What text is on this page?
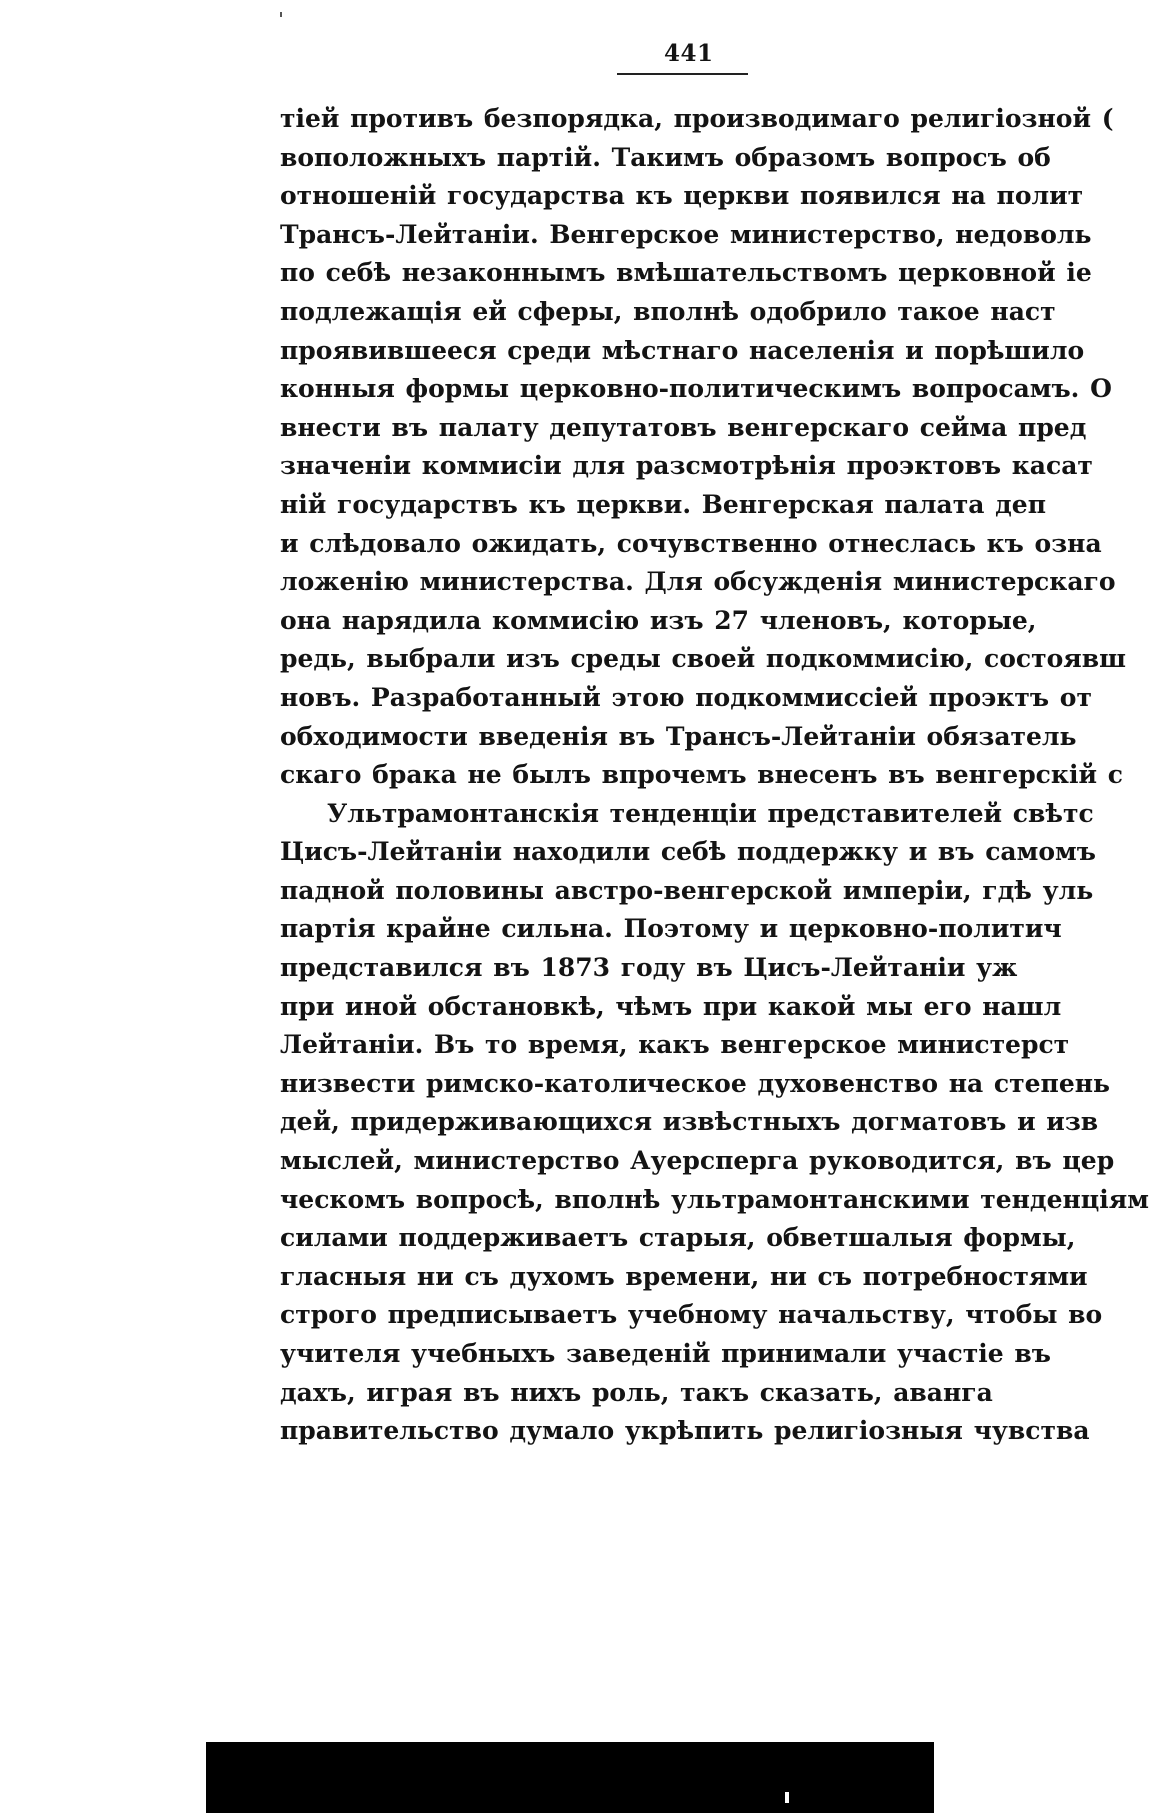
441
тіей противъ безпорядка, производимаго религіозной (
воположныхъ партій. Такимъ образомъ вопросъ об
отношеній государства къ церкви появился на полит
Трансъ-Лейтаніи. Венгерское министерство, недоволь
по себѣ незаконнымъ вмѣшательствомъ церковной іе
подлежащія ей сферы, вполнѣ одобрило такое наст
проявившееся среди мѣстнаго населенія и порѣшило
конныя формы церковно-политическимъ вопросамъ. О
внести въ палату депутатовъ венгерскаго сейма пред
значеніи коммисіи для разсмотрѣнія проэктовъ касат
ній государствъ къ церкви. Венгерская палата деп
и слѣдовало ожидать, сочувственно отнеслась къ озна
ложенію министерства. Для обсужденія министерскаго
она нарядила коммисію изъ 27 членовъ, которые,
редь, выбрали изъ среды своей подкоммисію, состоявш
новъ. Разработанный этою подкоммиссіей проэктъ от
обходимости введенія въ Трансъ-Лейтаніи обязатель
скаго брака не былъ впрочемъ внесенъ въ венгерскій с
Ультрамонтанскія тенденціи представителей свѣтс
Цисъ-Лейтаніи находили себѣ поддержку и въ самомъ
падной половины австро-венгерской имперіи, гдѣ уль
партія крайне сильна. Поэтому и церковно-политич
представился въ 1873 году въ Цисъ-Лейтаніи уж
при иной обстановкѣ, чѣмъ при какой мы его нашл
Лейтаніи. Въ то время, какъ венгерское министерст
низвести римско-католическое духовенство на степень
дей, придерживающихся извѣстныхъ догматовъ и изв
мыслей, министерство Ауерсперга руководится, въ цер
ческомъ вопросѣ, вполнѣ ультрамонтанскими тенденціям
силами поддерживаетъ старыя, обветшалыя формы,
гласныя ни съ духомъ времени, ни съ потребностями
строго предписываетъ учебному начальству, чтобы во
учителя учебныхъ заведеній принимали участіе въ
дахъ, играя въ нихъ роль, такъ сказать, аванга
правительство думало укрѣпить религіозныя чувства
